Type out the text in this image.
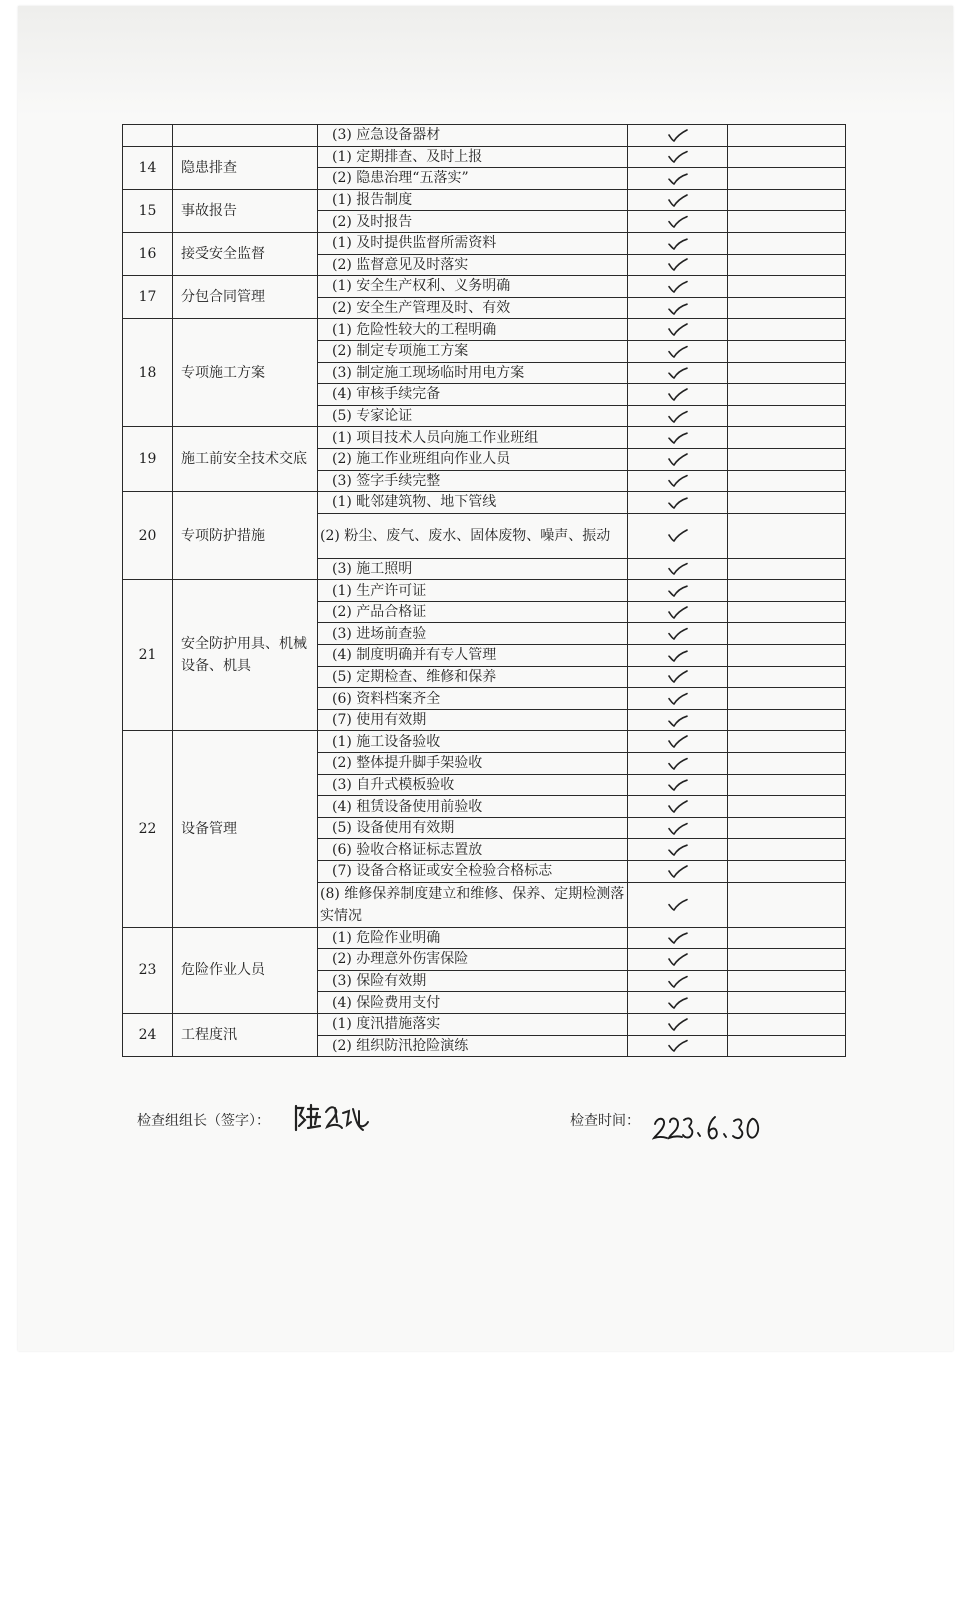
		(3) 应急设备器材	

14	隐患排查	(1) 定期排查、及时上报	

		(2) 隐患治理“五落实”	

15	事故报告	(1) 报告制度	

		(2) 及时报告	

16	接受安全监督	(1) 及时提供监督所需资料	

		(2) 监督意见及时落实	

17	分包合同管理	(1) 安全生产权利、义务明确	

		(2) 安全生产管理及时、有效	

18	专项施工方案	(1) 危险性较大的工程明确	

		(2) 制定专项施工方案	

		(3) 制定施工现场临时用电方案	

		(4) 审核手续完备	

		(5) 专家论证	

19	施工前安全技术交底	(1) 项目技术人员向施工作业班组	

		(2) 施工作业班组向作业人员	

		(3) 签字手续完整	

20	专项防护措施	(1) 毗邻建筑物、地下管线	

		(2) 粉尘、废气、废水、固体废物、噪声、振动	

		(3) 施工照明	

21	安全防护用具、机械设备、机具	(1) 生产许可证	

		(2) 产品合格证	

		(3) 进场前查验	

		(4) 制度明确并有专人管理	

		(5) 定期检查、维修和保养	

		(6) 资料档案齐全	

		(7) 使用有效期	

22	设备管理	(1) 施工设备验收	

		(2) 整体提升脚手架验收	

		(3) 自升式模板验收	

		(4) 租赁设备使用前验收	

		(5) 设备使用有效期	

		(6) 验收合格证标志置放	

		(7) 设备合格证或安全检验合格标志	

		(8) 维修保养制度建立和维修、保养、定期检测落实情况	

23	危险作业人员	(1) 危险作业明确	

		(2) 办理意外伤害保险	

		(3) 保险有效期	

		(4) 保险费用支付	

24	工程度汛	(1) 度汛措施落实	

		(2) 组织防汛抢险演练	

检查组组长（签字）：	检查时间：
